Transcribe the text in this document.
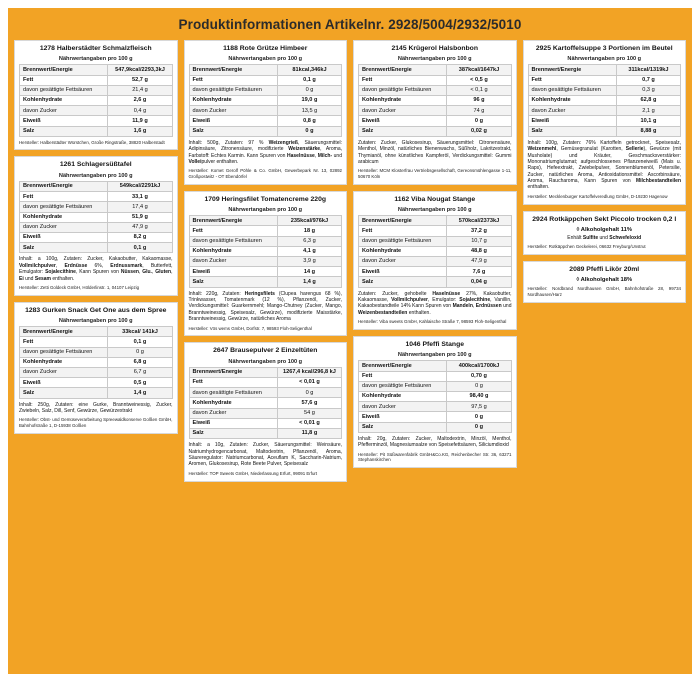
Produktinformationen Artikelnr. 2928/5004/2932/5010
1278 Halberstädter Schmalzfleisch
Nährwertangaben pro 100 g
Brennwert/Energie	547,9kcal/2293,3kJ
Fett	52,7 g
davon gesättigte Fettsäuren	21,4 g
Kohlenhydrate	2,6 g
davon Zucker	0,4 g
Eiweiß	11,9 g
Salz	1,6 g
Hersteller: Halberstädter Würstchen, Große Ringstraße, 38820 Halberstadt
1261 Schlagersüßtafel
Nährwertangaben pro 100 g
Brennwert/Energie	549kcal/2291kJ
Fett	33,1 g
davon gesättigte Fettsäuren	17,4 g
Kohlenhydrate	51,9 g
davon Zucker	47,9 g
Eiweiß	8,2 g
Salz	0,1 g
Inhalt: a 100g, Zutaten: Zucker, Kakaobutter, Kakaomasse, Vollmilchpulver, Erdnüsse 6%, Erdnussmark, Butterfett, Emulgator: Sojalecithine, Kann Spuren von Nüssen, Glu., Gluten, Ei und Sesam enthalten.
Hersteller: Zetti Goldeck GmbH, Hölderlinstr. 1, 04107 Leipzig
1283 Gurken Snack Get One aus dem Spree
Nährwertangaben pro 100 g
Brennwert/Energie	33kcal/ 141kJ
Fett	0,1 g
davon gesättigte Fettsäuren	0 g
Kohlenhydrate	6,8 g
davon Zucker	6,7 g
Eiweiß	0,5 g
Salz	1,4 g
Inhalt: 250g, Zutaten: eine Gurke, Branntweinessig, Zucker, Zwiebeln, Salz, Dill, Senf, Gewürze, Gewürzextrakt
Hersteller: Obst- und Gemüseverarbeitung Spreewaldkonserve Golßen GmbH, Bahnhofstraße 1, D-15938 Golßen
1188 Rote Grütze Himbeer
Nährwertangaben pro 100 g
Brennwert/Energie	81kcal,346kJ
Fett	0,1 g
davon gesättigte Fettsäuren	0 g
Kohlenhydrate	19,0 g
davon Zucker	13,5 g
Eiweiß	0,8 g
Salz	0 g
Inhalt: 500g, Zutaten: 97 % Weizengrieß, Säuerungsmittel: Adipinsäure, Zitronensäure, modifizierte Weizenstärke, Aroma, Farbstoff: Echtes Karmin. Kann Spuren von Haselnüsse, Milch- und Volleipulver enthalten.
Hersteller: Komet Gerolf Pöhle & Co. GmbH, Gewerbepark Nr. 13, 02892 Großpostwitz - OT Ebendörfel
1709 Heringsfilet Tomatencreme 220g
Nährwertangaben pro 100 g
Brennwert/Energie	235kcal/976kJ
Fett	18 g
davon gesättigte Fettsäuren	6,3 g
Kohlenhydrate	4,1 g
davon Zucker	3,9 g
Eiweiß	14 g
Salz	1,4 g
Inhalt: 220g, Zutaten: Heringsfilets (Clupea harengus 68 %), Trinkwasser, Tomatenmark (12 %), Pflanzenöl, Zucker, Verdickungsmittel: Guarkernmehl; Mango-Chutney (Zucker, Mango, Branntweinessig, Speisesalz, Gewürze), modifizierte Maisstärke, Branntweinessig, Gewürze, natürliches Aroma
Hersteller: Vös wems GmbH, Dorfstr. 7, 98593 Floh-Seligenthal
2647 Brausepulver 2 Einzeltüten
Nährwertangaben pro 100 g
Brennwert/Energie	1267,4 kcal/296,8 kJ
Fett	< 0,01 g
davon gesättigte Fettsäuren	0 g
Kohlenhydrate	57,6 g
davon Zucker	54 g
Eiweiß	< 0,01 g
Salz	11,8 g
Inhalt: a 10g, Zutaten: Zucker, Säuerungsmittel: Weinsäure, Natriumhydrogencarbonat, Maltodextrin, Pflanzenöl, Aroma, Säureregulator: Natriumcarbonat, Aceuflam K, Saccharin-Natrium, Aromen, Glukosesirup, Rote Beete Pulver, Speisesalz
Hersteller: TOP Sweets GmbH, Niederlassung Erfurt, 99091 Erfurt
2145 Krügerol Halsbonbon
Nährwertangaben pro 100 g
Brennwert/Energie	387kcal/1647kJ
Fett	< 0,5 g
davon gesättigte Fettsäuren	< 0,1 g
Kohlenhydrate	96 g
davon Zucker	74 g
Eiweiß	0 g
Salz	0,02 g
Zutaten: Zucker, Glukosesirup, Säuerungsmittel: Citronensäure, Menthol, Minzöl, natürliches Bienenwachs, Süßholz, Lakritzextrakt, Thymianöl, ohne künstliches Kampferöl, Verdickungsmittel: Gummi arabicum
Hersteller: MCM Klosterfrau Vertriebsgesellschaft, Gereonsmühlengasse 1-11, 50670 Köln
1162 Viba Nougat Stange
Nährwertangaben pro 100 g
Brennwert/Energie	570kcal/2373kJ
Fett	37,2 g
davon gesättigte Fettsäuren	10,7 g
Kohlenhydrate	48,8 g
davon Zucker	47,9 g
Eiweiß	7,6 g
Salz	0,04 g
Zutaten: Zucker, gehobelte Haselnüsse 27%, Kakaobutter, Kakaomasse, Vollmilchpulver, Emulgator: Sojalecithine, Vanillin, Kakaobestandteile 14% Kann Spuren von Mandeln, Erdnüssen und Weizenbestandteilen enthalten.
Hersteller: Viba sweets GmbH, Kahlaische Straße 7, 98593 Floh-Seligenthal
1046 Pfeffi Stange
Nährwertangaben pro 100 g
Brennwert/Energie	400kcal/1700kJ
Fett	0,70 g
davon gesättigte Fettsäuren	0 g
Kohlenhydrate	98,40 g
davon Zucker	97,5 g
Eiweiß	0 g
Salz	0 g
Inhalt: 20g, Zutaten: Zucker, Maltodextrin, Minzöl, Menthol, Pfefferminzöl, Magnesiumsalze von Speisefettsäuren, Siliciumdioxid
Hersteller: Pit Süßwarenfabrik GmbH&Co.KG, Reichenbecher Str. 36, 63271 Stephanskirchen
2925 Kartoffelsuppe 3 Portionen im Beutel
Nährwertangaben pro 100 g
Brennwert/Energie	311kcal/1319kJ
Fett	0,7 g
davon gesättigte Fettsäuren	0,3 g
Kohlenhydrate	62,8 g
davon Zucker	2,1 g
Eiweiß	10,1 g
Salz	8,88 g
Inhalt: 100g, Zutaten: 76% Kartoffeln getrocknet, Speisesalz, Weizenmehl, Gemüsegranulat (Karotten, Sellerie), Gewürze (mit Musholate) und Kräuter, Geschmacksverstärker: Mononatriumglutamat; aufgeschlossenes Pflanzeneiweiß (Mais u. Raps), Hefeextrakt, Zwiebelpulver, Sonnenblumenöl, Petersilie, Zucker, natürliches Aroma, Antioxidationsmittel: Ascorbinsäure, Aroma, Raucharoma, Kann Spuren von Milchbestandteilen enthalten.
Hersteller: Mecklenburger Kartoffelveredlung GmbH, D-19230 Hagenow
2924 Rotkäppchen Sekt Piccolo trocken 0,2 l
◊ Alkoholgehalt 11%
Enhält Sulfite und Schwefeloxid
Hersteller: Rotkäppchen Geckelerei, 06632 Freyburg/Unstrut
2089 Pfeffi Likör 20ml
◊ Alkoholgehalt 18%
Hersteller: Nordbrand Nordhausen GmbH, Bahnhofstraße 28, 99734 Nordhausen/Harz
